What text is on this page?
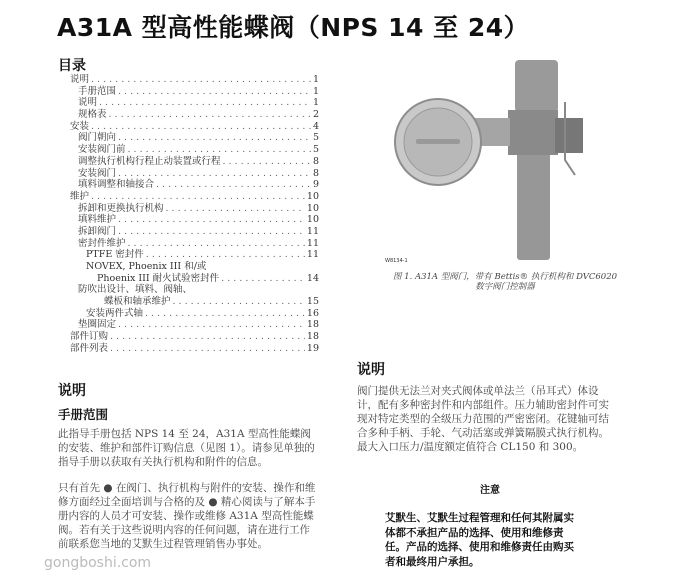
A31A 型高性能蝶阀（NPS 14 至 24）
目录
说明 . . .	1
手册范围 . . .	1
说明 . . .	1
规格表 . . .	2
安装 . . .	4
阀门朝向 . . .	5
安装阀门前 . . .	5
调整执行机构行程止动装置或行程 . . .	8
安装阀门 . . .	8
填料调整和轴接合 . . .	9
维护 . . .	10
拆卸和更换执行机构 . . .	10
填料维护 . . .	10
拆卸阀门 . . .	11
密封件维护 . . .	11
PTFE 密封件 . . .	11
NOVEX, Phoenix III 和/或
Phoenix III 耐火试验密封件 . . .	14
防吹出设计、填料、阀轴、
蝶板和轴承维护 . . .	15
安装两件式轴 . . .	16
垫圈固定 . . .	18
部件订购 . . .	18
部件列表 . . .	19
说明
手册范围
此指导手册包括 NPS 14 至 24，A31A 型高性能蝶阀的安装、维护和部件订购信息（见图 1）。请参见单独的指导手册以获取有关执行机构和附件的信息。
只有首先 ● 在阀门、执行机构与附件的安装、操作和维修方面经过全面培训与合格的及 ● 精心阅读与了解本手册内容的人员才可安装、操作或维修 A31A 型高性能蝶阀。若有关于这些说明内容的任何问题，请在进行工作前联系您当地的艾默生过程管理销售办事处。
W8134-1
图 1. A31A 型阀门，带有 Bettis® 执行机构和 DVC6020
数字阀门控制器
说明
阀门提供无法兰对夹式阀体或单法兰（吊耳式）体设计，配有多种密封件和内部组件。压力辅助密封件可实现对特定类型的全级压力范围的严密密闭。花键轴可结合多种手柄、手轮、气动活塞或弹簧隔膜式执行机构。最大入口压力/温度额定值符合 CL150 和 300。
注意
艾默生、艾默生过程管理和任何其附属实体都不承担产品的选择、使用和维修责任。产品的选择、使用和维修责任由购买者和最终用户承担。
gongboshi.com
